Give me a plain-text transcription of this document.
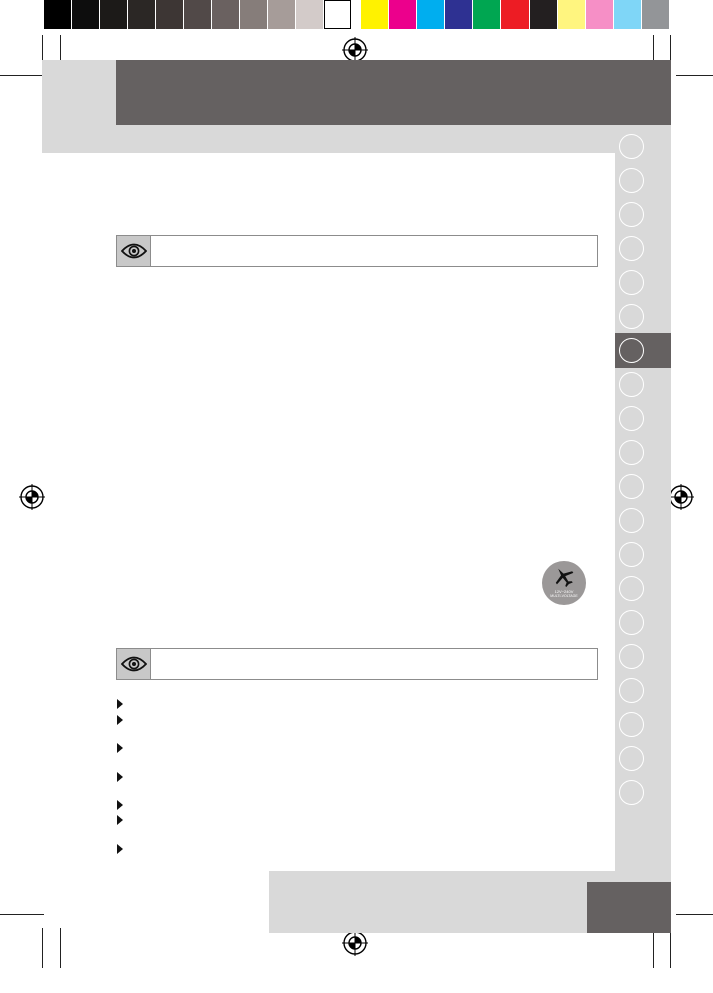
12V~240V
MULTI-VOLTAGE
